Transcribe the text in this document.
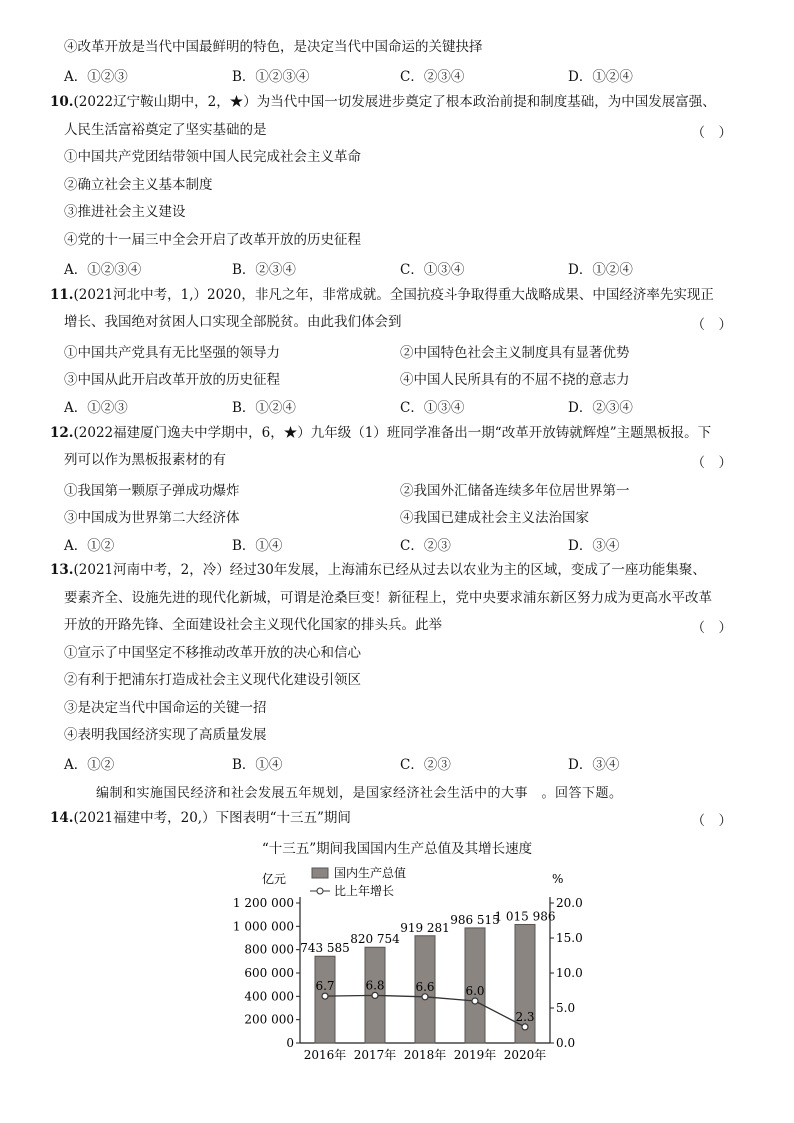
④改革开放是当代中国最鲜明的特色，是决定当代中国命运的关键抉择
A．①②③	B．①②③④	C．②③④	D．①②④
10.(2022辽宁鞍山期中，2，★）为当代中国一切发展进步奠定了根本政治前提和制度基础，为中国发展富强、
人民生活富裕奠定了坚实基础的是	（　）
①中国共产党团结带领中国人民完成社会主义革命
②确立社会主义基本制度
③推进社会主义建设
④党的十一届三中全会开启了改革开放的历史征程
A．①②③④	B．②③④	C．①③④	D．①②④
11.(2021河北中考，1,）2020，非凡之年，非常成就。全国抗疫斗争取得重大战略成果、中国经济率先实现正
增长、我国绝对贫困人口实现全部脱贫。由此我们体会到	（　）
①中国共产党具有无比坚强的领导力	②中国特色社会主义制度具有显著优势
③中国从此开启改革开放的历史征程	④中国人民所具有的不屈不挠的意志力
A．①②③	B．①②④	C．①③④	D．②③④
12.(2022福建厦门逸夫中学期中，6，★）九年级（1）班同学准备出一期“改革开放铸就辉煌”主题黑板报。下
列可以作为黑板报素材的有	（　）
①我国第一颗原子弹成功爆炸	②我国外汇储备连续多年位居世界第一
③中国成为世界第二大经济体	④我国已建成社会主义法治国家
A．①②	B．①④	C．②③	D．③④
13.(2021河南中考，2，冷）经过30年发展，上海浦东已经从过去以农业为主的区域，变成了一座功能集聚、
要素齐全、设施先进的现代化新城，可谓是沧桑巨变！新征程上，党中央要求浦东新区努力成为更高水平改革
开放的开路先锋、全面建设社会主义现代化国家的排头兵。此举	（　）
①宣示了中国坚定不移推动改革开放的决心和信心
②有利于把浦东打造成社会主义现代化建设引领区
③是决定当代中国命运的关键一招
④表明我国经济实现了高质量发展
A．①②	B．①④	C．②③	D．③④
编制和实施国民经济和社会发展五年规划，是国家经济社会生活中的大事　。回答下题。
14.(2021福建中考，20,）下图表明“十三五”期间	（　）
“十三五”期间我国国内生产总值及其增长速度
亿元	%
0
200 000
400 000
600 000
800 000
1 000 000
1 200 000
0.0
5.0
10.0
15.0
20.0
743 585
2016年
820 754
2017年
919 281
2018年
986 515
2019年
1 015 986
2020年
6.7	6.8	6.6	6.0
2.3
国内生产总值
比上年增长
